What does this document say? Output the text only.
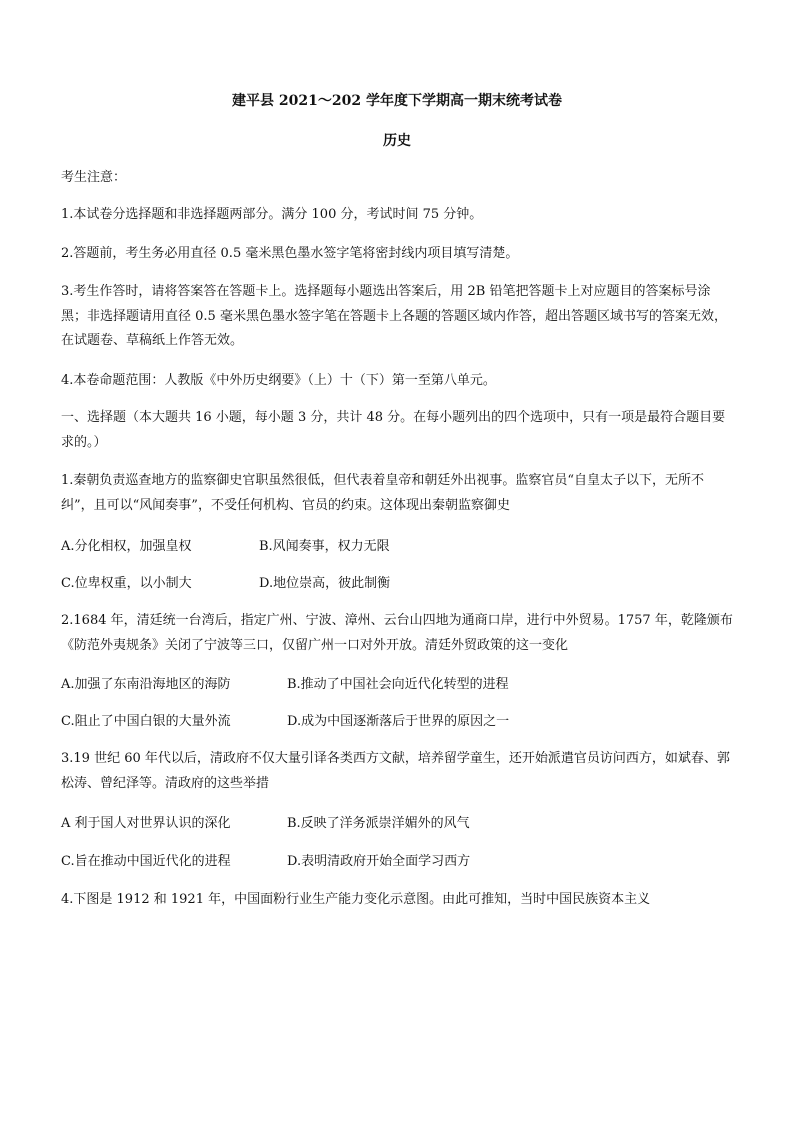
建平县 2021～202 学年度下学期高一期末统考试卷
历史
考生注意：
1.本试卷分选择题和非选择题两部分。满分 100 分，考试时间 75 分钟。
2.答题前，考生务必用直径 0.5 毫米黑色墨水签字笔将密封线内项目填写清楚。
3.考生作答时，请将答案答在答题卡上。选择题每小题选出答案后，用 2B 铅笔把答题卡上对应题目的答案标号涂黑；非选择题请用直径 0.5 毫米黑色墨水签字笔在答题卡上各题的答题区域内作答，超出答题区域书写的答案无效，在试题卷、草稿纸上作答无效。
4.本卷命题范围：人教版《中外历史纲要》（上）十（下）第一至第八单元。
一、选择题（本大题共 16 小题，每小题 3 分，共计 48 分。在每小题列出的四个选项中，只有一项是最符合题目要求的。）
1.秦朝负责巡查地方的监察御史官职虽然很低，但代表着皇帝和朝廷外出视事。监察官员“自皇太子以下，无所不纠”，且可以“风闻奏事”，不受任何机构、官员的约束。这体现出秦朝监察御史
A.分化相权，加强皇权	B.风闻奏事，权力无限
C.位卑权重，以小制大	D.地位崇高，彼此制衡
2.1684 年，清廷统一台湾后，指定广州、宁波、漳州、云台山四地为通商口岸，进行中外贸易。1757 年，乾隆颁布《防范外夷规条》关闭了宁波等三口，仅留广州一口对外开放。清廷外贸政策的这一变化
A.加强了东南沿海地区的海防	B.推动了中国社会向近代化转型的进程
C.阻止了中国白银的大量外流	D.成为中国逐渐落后于世界的原因之一
3.19 世纪 60 年代以后，清政府不仅大量引译各类西方文献，培养留学童生，还开始派遣官员访问西方，如斌春、郭松涛、曾纪泽等。清政府的这些举措
A 利于国人对世界认识的深化	B.反映了洋务派崇洋媚外的风气
C.旨在推动中国近代化的进程	D.表明清政府开始全面学习西方
4.下图是 1912 和 1921 年，中国面粉行业生产能力变化示意图。由此可推知，当时中国民族资本主义
